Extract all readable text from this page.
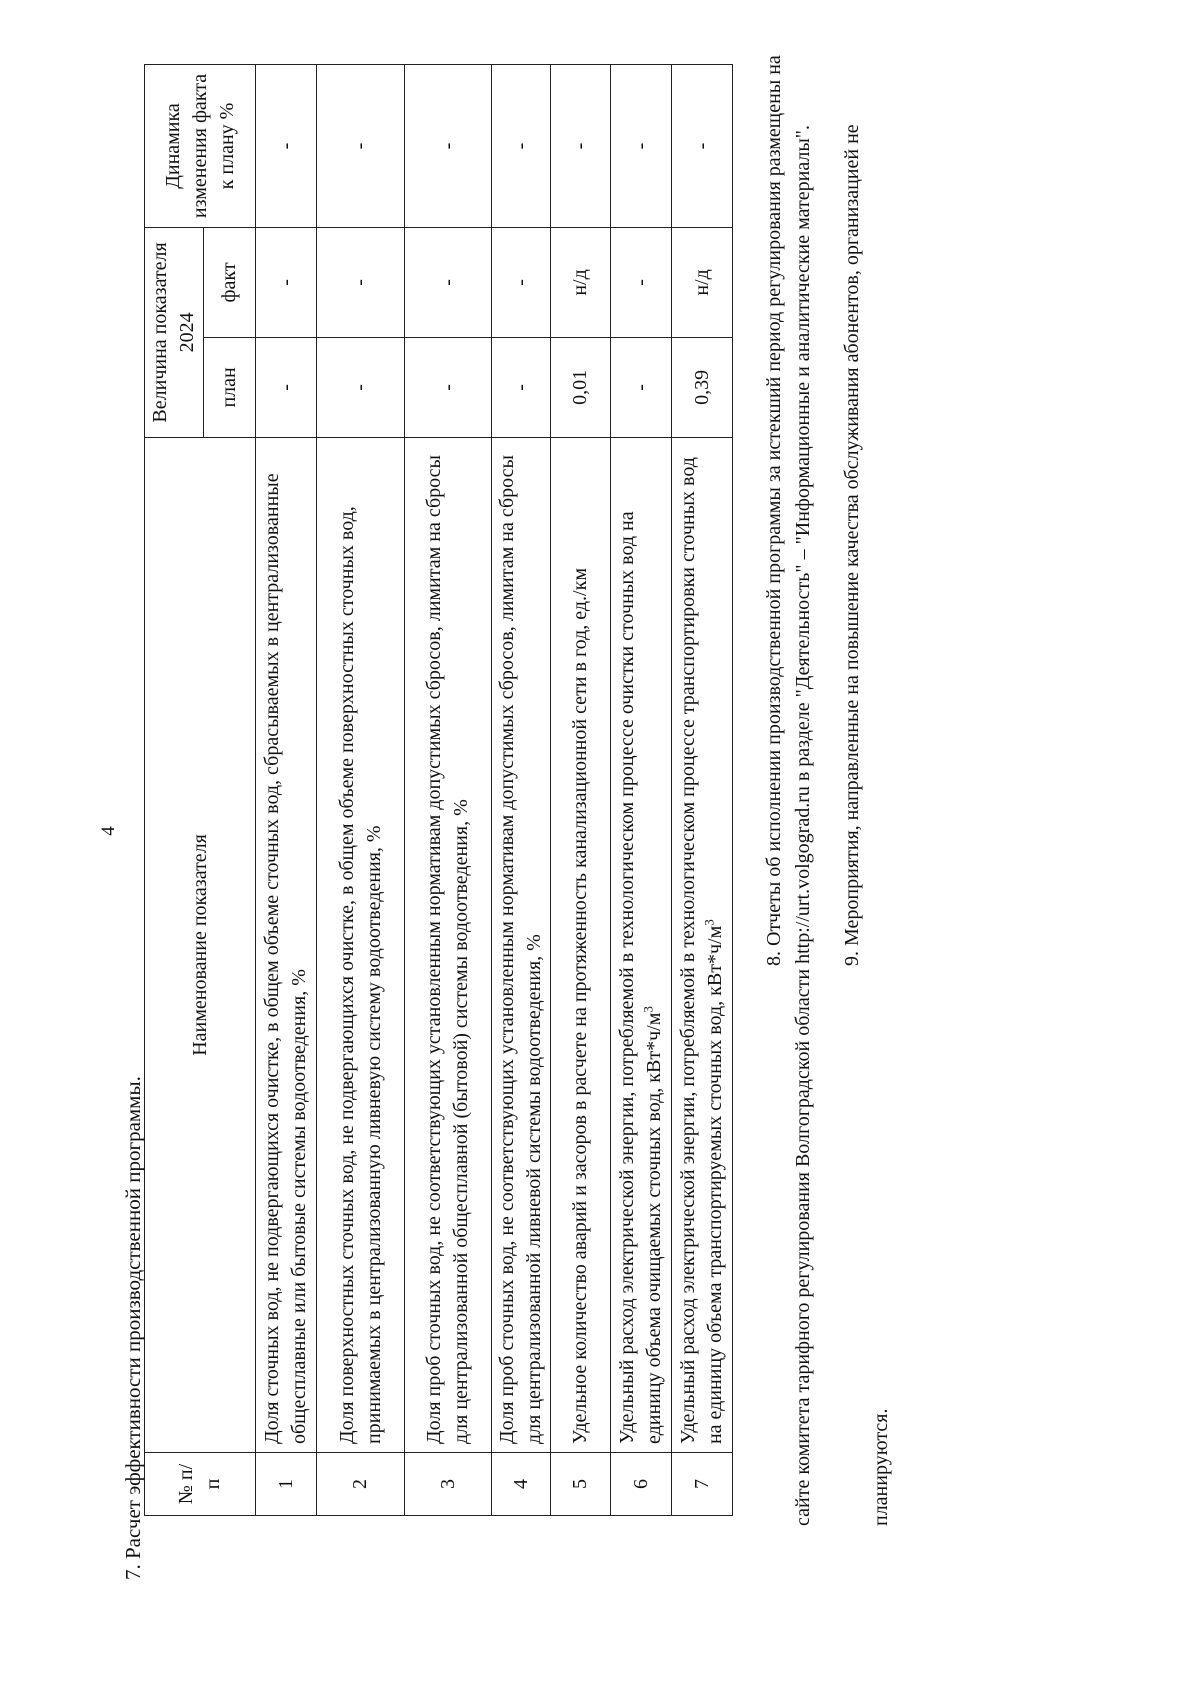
4
7. Расчет эффективности производственной программы. № п/п	Наименование показателя	Величина показателя 2024		Динамика изменения факта к плану %
		план	факт	
1	Доля сточных вод, не подвергающихся очистке, в общем объеме сточных вод, сбрасываемых в централизованные общесплавные или бытовые системы водоотведения, %	-	-	-
2	Доля поверхностных сточных вод, не подвергающихся очистке, в общем объеме поверхностных сточных вод, принимаемых в централизованную ливневую систему водоотведения, %	-	-	-
3	Доля проб сточных вод, не соответствующих установленным нормативам допустимых сбросов, лимитам на сбросы для централизованной общесплавной (бытовой) системы водоотведения, %	-	-	-
4	Доля проб сточных вод, не соответствующих установленным нормативам допустимых сбросов, лимитам на сбросы для централизованной ливневой системы водоотведения, %	-	-	-
5	Удельное количество аварий и засоров в расчете на протяженность канализационной сети в год, ед./км	0,01	н/д	-
6	Удельный расход электрической энергии, потребляемой в технологическом процессе очистки сточных вод на единицу объема очищаемых сточных вод, $кВт*ч/м^3$	-	-	-
7	Удельный расход электрической энергии, потребляемой в технологическом процессе транспортировки сточных вод на единицу объема транспортируемых сточных вод, $кВт*ч/м^3$	0,39	н/д	-	8. Отчеты об исполнении производственной программы за истекший период регулирования размещены на сайте комитета тарифного регулирования Волгоградской области http://urt.volgograd.ru в разделе "Деятельность" – "Информационные и аналитические материалы". 9. Мероприятия, направленные на повышение качества обслуживания абонентов, организацией не планируются.
